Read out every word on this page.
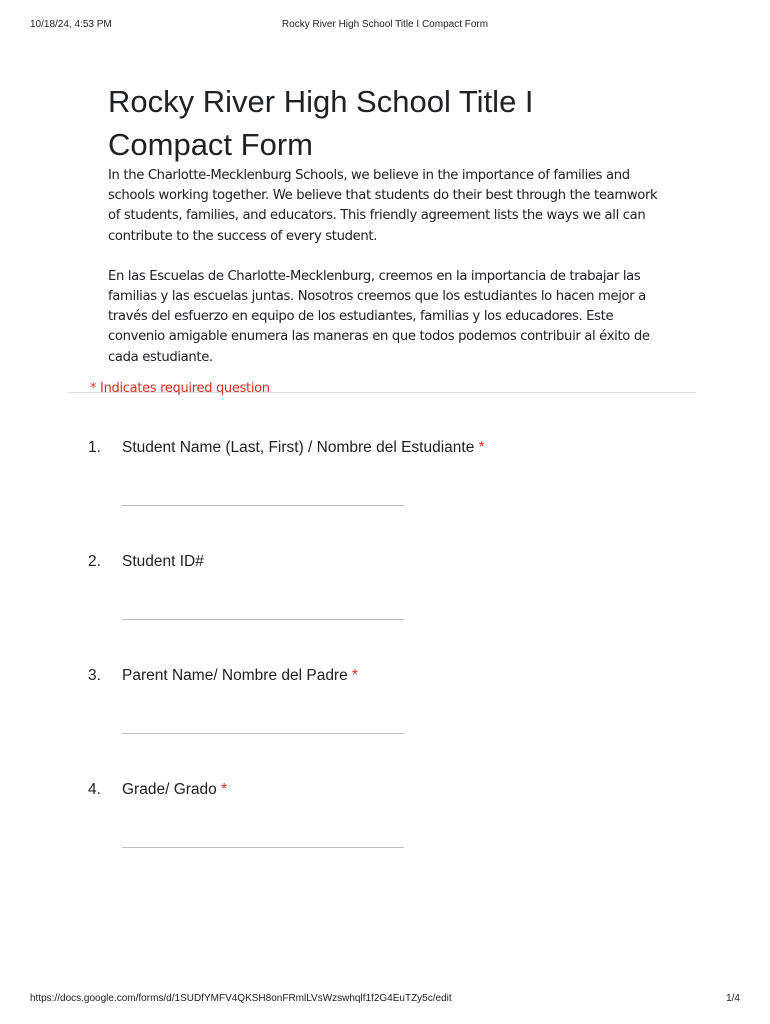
10/18/24, 4:53 PM	Rocky River High School Title I Compact Form
Rocky River High School Title I
Compact Form

In the Charlotte-Mecklenburg Schools, we believe in the importance of families and schools working together. We believe that students do their best through the teamwork of students, families, and educators. This friendly agreement lists the ways we all can contribute to the success of every student.

En las Escuelas de Charlotte-Mecklenburg, creemos en la importancia de trabajar las familias y las escuelas juntas. Nosotros creemos que los estudiantes lo hacen mejor a través del esfuerzo en equipo de los estudiantes, familias y los educadores. Este convenio amigable enumera las maneras en que todos podemos contribuir al éxito de cada estudiante.

* Indicates required question
1. Student Name (Last, First) / Nombre del Estudiante *
2. Student ID#
3. Parent Name/ Nombre del Padre *
4. Grade/ Grado *
https://docs.google.com/forms/d/1SUDfYMFV4QKSH8onFRmlLVsWzswhqlf1f2G4EuTZy5c/edit	1/4
